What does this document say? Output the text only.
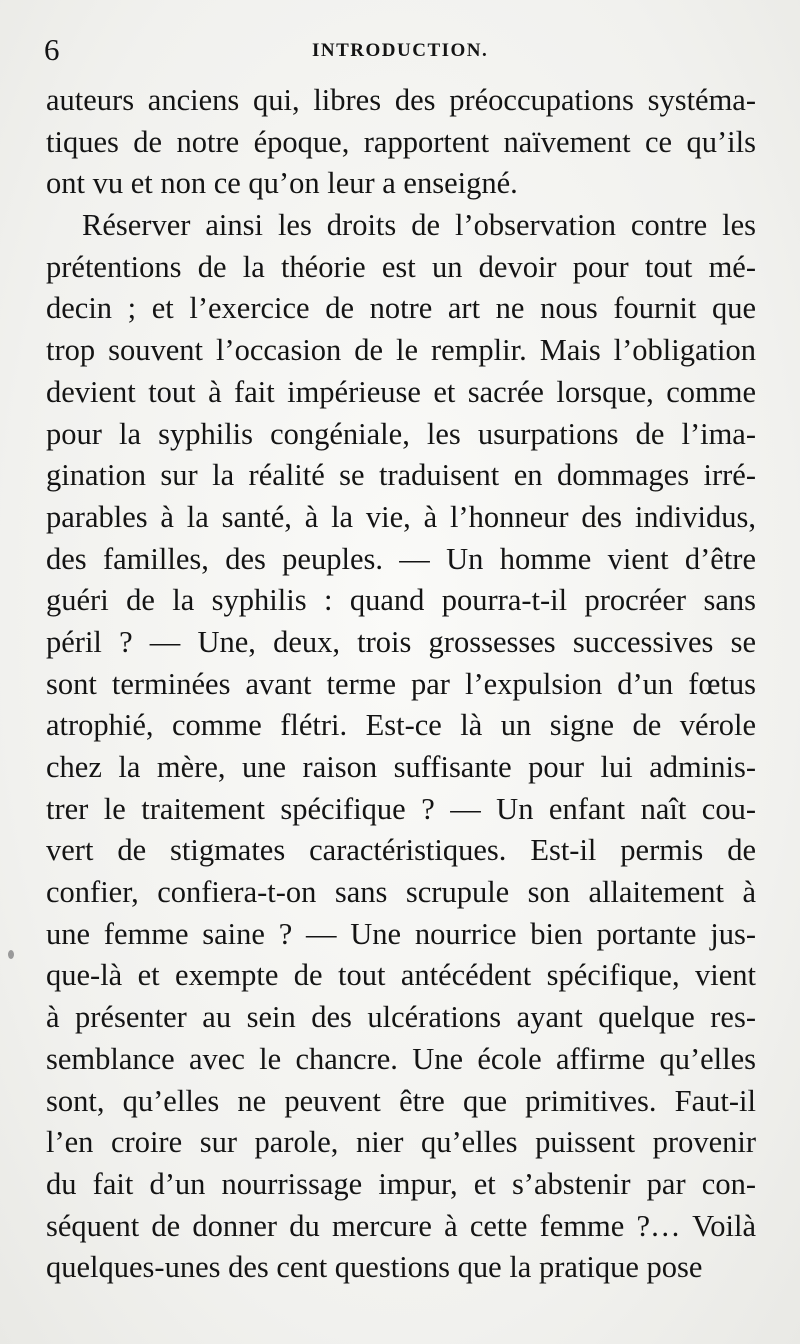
6	INTRODUCTION.
auteurs anciens qui, libres des préoccupations systéma-
tiques de notre époque, rapportent naïvement ce qu’ils
ont vu et non ce qu’on leur a enseigné.
Réserver ainsi les droits de l’observation contre les
prétentions de la théorie est un devoir pour tout mé-
decin ; et l’exercice de notre art ne nous fournit que
trop souvent l’occasion de le remplir. Mais l’obligation
devient tout à fait impérieuse et sacrée lorsque, comme
pour la syphilis congéniale, les usurpations de l’ima-
gination sur la réalité se traduisent en dommages irré-
parables à la santé, à la vie, à l’honneur des individus,
des familles, des peuples. — Un homme vient d’être
guéri de la syphilis : quand pourra-t-il procréer sans
péril ? — Une, deux, trois grossesses successives se
sont terminées avant terme par l’expulsion d’un fœtus
atrophié, comme flétri. Est-ce là un signe de vérole
chez la mère, une raison suffisante pour lui adminis-
trer le traitement spécifique ? — Un enfant naît cou-
vert de stigmates caractéristiques. Est-il permis de
confier, confiera-t-on sans scrupule son allaitement à
une femme saine ? — Une nourrice bien portante jus-
que-là et exempte de tout antécédent spécifique, vient
à présenter au sein des ulcérations ayant quelque res-
semblance avec le chancre. Une école affirme qu’elles
sont, qu’elles ne peuvent être que primitives. Faut-il
l’en croire sur parole, nier qu’elles puissent provenir
du fait d’un nourrissage impur, et s’abstenir par con-
séquent de donner du mercure à cette femme ?… Voilà
quelques-unes des cent questions que la pratique pose
